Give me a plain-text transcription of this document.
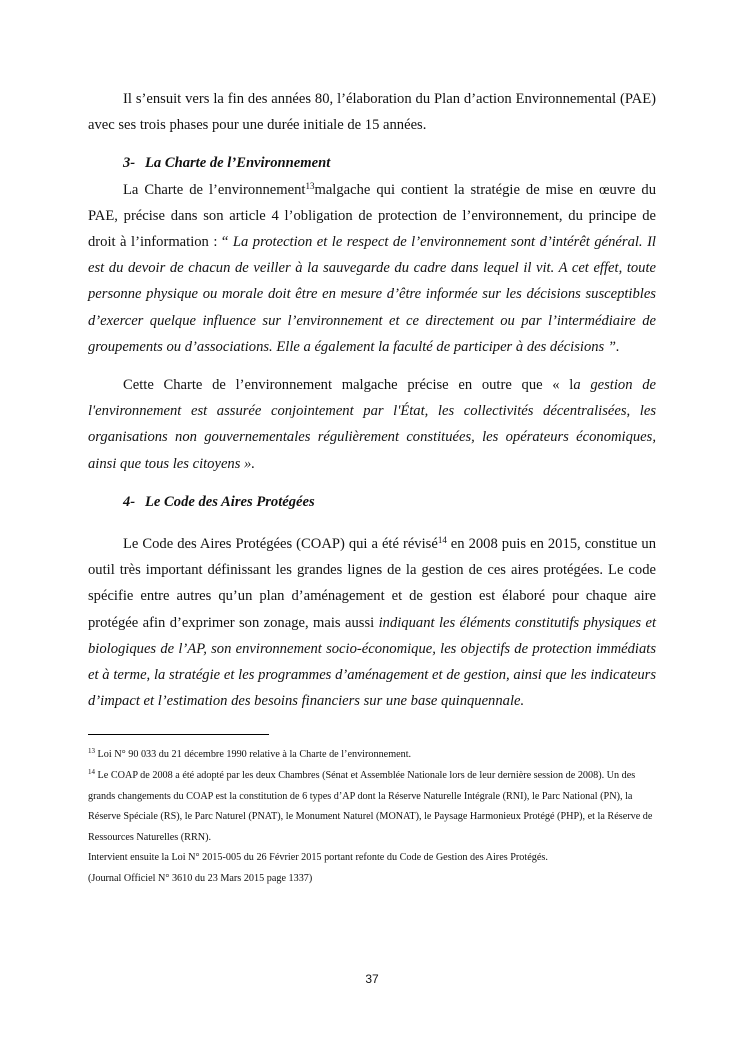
Il s’ensuit vers la fin des années 80, l’élaboration du Plan d’action Environnemental (PAE) avec ses trois phases pour une durée initiale de 15 années.

3- La Charte de l’Environnement

La Charte de l’environnement$^{13}$malgache qui contient la stratégie de mise en œuvre du PAE, précise dans son article 4 l’obligation de protection de l’environnement, du principe de droit à l’information : “ La protection et le respect de l’environnement sont d’intérêt général. Il est du devoir de chacun de veiller à la sauvegarde du cadre dans lequel il vit. A cet effet, toute personne physique ou morale doit être en mesure d’être informée sur les décisions susceptibles d’exercer quelque influence sur l’environnement et ce directement ou par l’intermédiaire de groupements ou d’associations. Elle a également la faculté de participer à des décisions ”.

Cette Charte de l’environnement malgache précise en outre que « la gestion de l'environnement est assurée conjointement par l'État, les collectivités décentralisées, les organisations non gouvernementales régulièrement constituées, les opérateurs économiques, ainsi que tous les citoyens ».

4- Le Code des Aires Protégées

Le Code des Aires Protégées (COAP) qui a été révisé$^{14}$ en 2008 puis en 2015, constitue un outil très important définissant les grandes lignes de la gestion de ces aires protégées. Le code spécifie entre autres qu’un plan d’aménagement et de gestion est élaboré pour chaque aire protégée afin d’exprimer son zonage, mais aussi indiquant les éléments constitutifs physiques et biologiques de l’AP, son environnement socio-économique, les objectifs de protection immédiats et à terme, la stratégie et les programmes d’aménagement et de gestion, ainsi que les indicateurs d’impact et l’estimation des besoins financiers sur une base quinquennale.

$^{13}$ Loi N° 90 033 du 21 décembre 1990 relative à la Charte de l’environnement.
$^{14}$ Le COAP de 2008 a été adopté par les deux Chambres (Sénat et Assemblée Nationale lors de leur dernière session de 2008). Un des grands changements du COAP est la constitution de 6 types d’AP dont la Réserve Naturelle Intégrale (RNI), le Parc National (PN), la Réserve Spéciale (RS), le Parc Naturel (PNAT), le Monument Naturel (MONAT), le Paysage Harmonieux Protégé (PHP), et la Réserve de Ressources Naturelles (RRN).
Intervient ensuite la Loi N° 2015-005 du 26 Février 2015 portant refonte du Code de Gestion des Aires Protégés.
(Journal Officiel N° 3610 du 23 Mars 2015 page 1337)
37
